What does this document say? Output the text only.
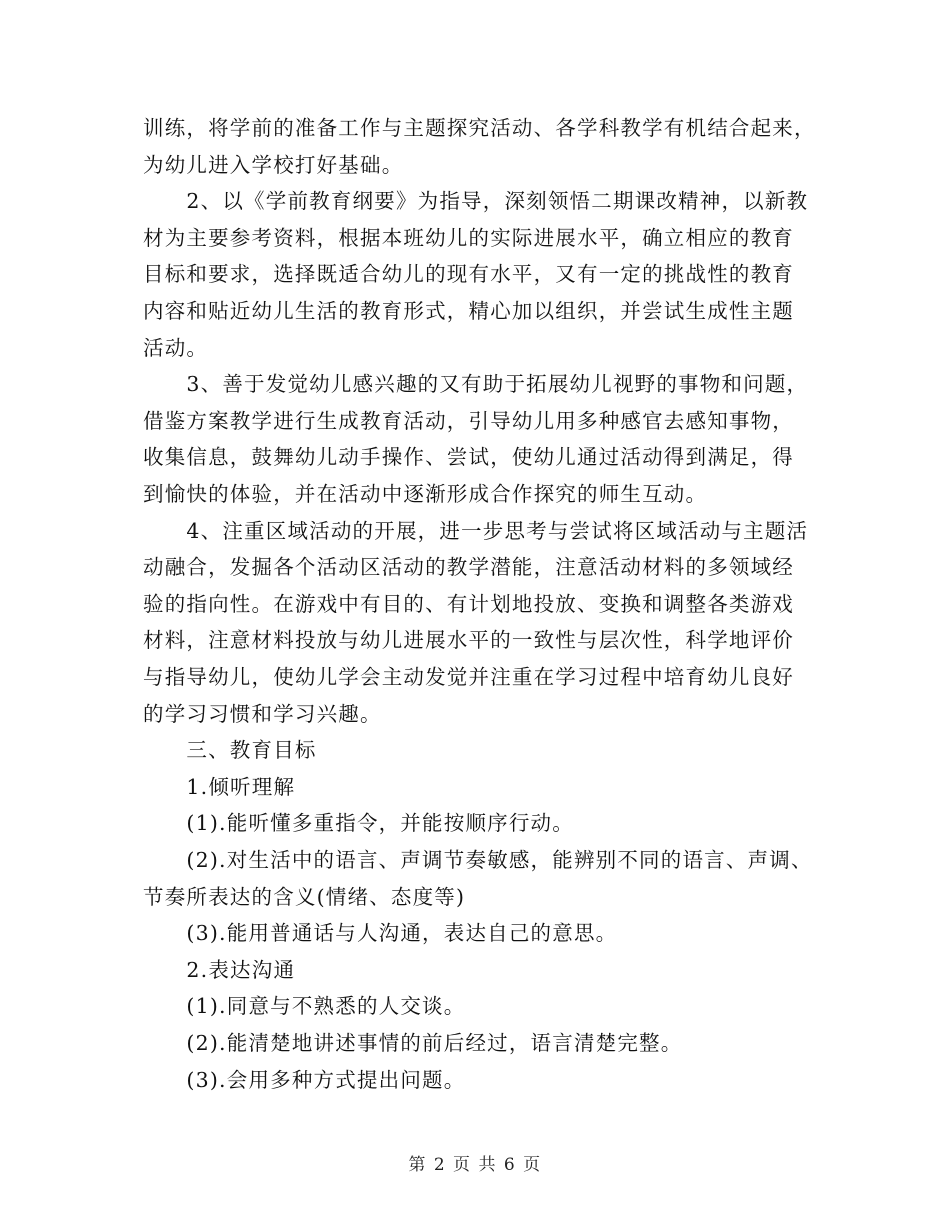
训练，将学前的准备工作与主题探究活动、各学科教学有机结合起来，
为幼儿进入学校打好基础。
　　2、以《学前教育纲要》为指导，深刻领悟二期课改精神，以新教
材为主要参考资料，根据本班幼儿的实际进展水平，确立相应的教育
目标和要求，选择既适合幼儿的现有水平，又有一定的挑战性的教育
内容和贴近幼儿生活的教育形式，精心加以组织，并尝试生成性主题
活动。
　　3、善于发觉幼儿感兴趣的又有助于拓展幼儿视野的事物和问题，
借鉴方案教学进行生成教育活动，引导幼儿用多种感官去感知事物，
收集信息，鼓舞幼儿动手操作、尝试，使幼儿通过活动得到满足，得
到愉快的体验，并在活动中逐渐形成合作探究的师生互动。
　　4、注重区域活动的开展，进一步思考与尝试将区域活动与主题活
动融合，发掘各个活动区活动的教学潜能，注意活动材料的多领域经
验的指向性。在游戏中有目的、有计划地投放、变换和调整各类游戏
材料，注意材料投放与幼儿进展水平的一致性与层次性，科学地评价
与指导幼儿，使幼儿学会主动发觉并注重在学习过程中培育幼儿良好
的学习习惯和学习兴趣。
　　三、教育目标
　　1.倾听理解
　　(1).能听懂多重指令，并能按顺序行动。
　　(2).对生活中的语言、声调节奏敏感，能辨别不同的语言、声调、
节奏所表达的含义(情绪、态度等)
　　(3).能用普通话与人沟通，表达自己的意思。
　　2.表达沟通
　　(1).同意与不熟悉的人交谈。
　　(2).能清楚地讲述事情的前后经过，语言清楚完整。
　　(3).会用多种方式提出问题。
第 2 页 共 6 页
